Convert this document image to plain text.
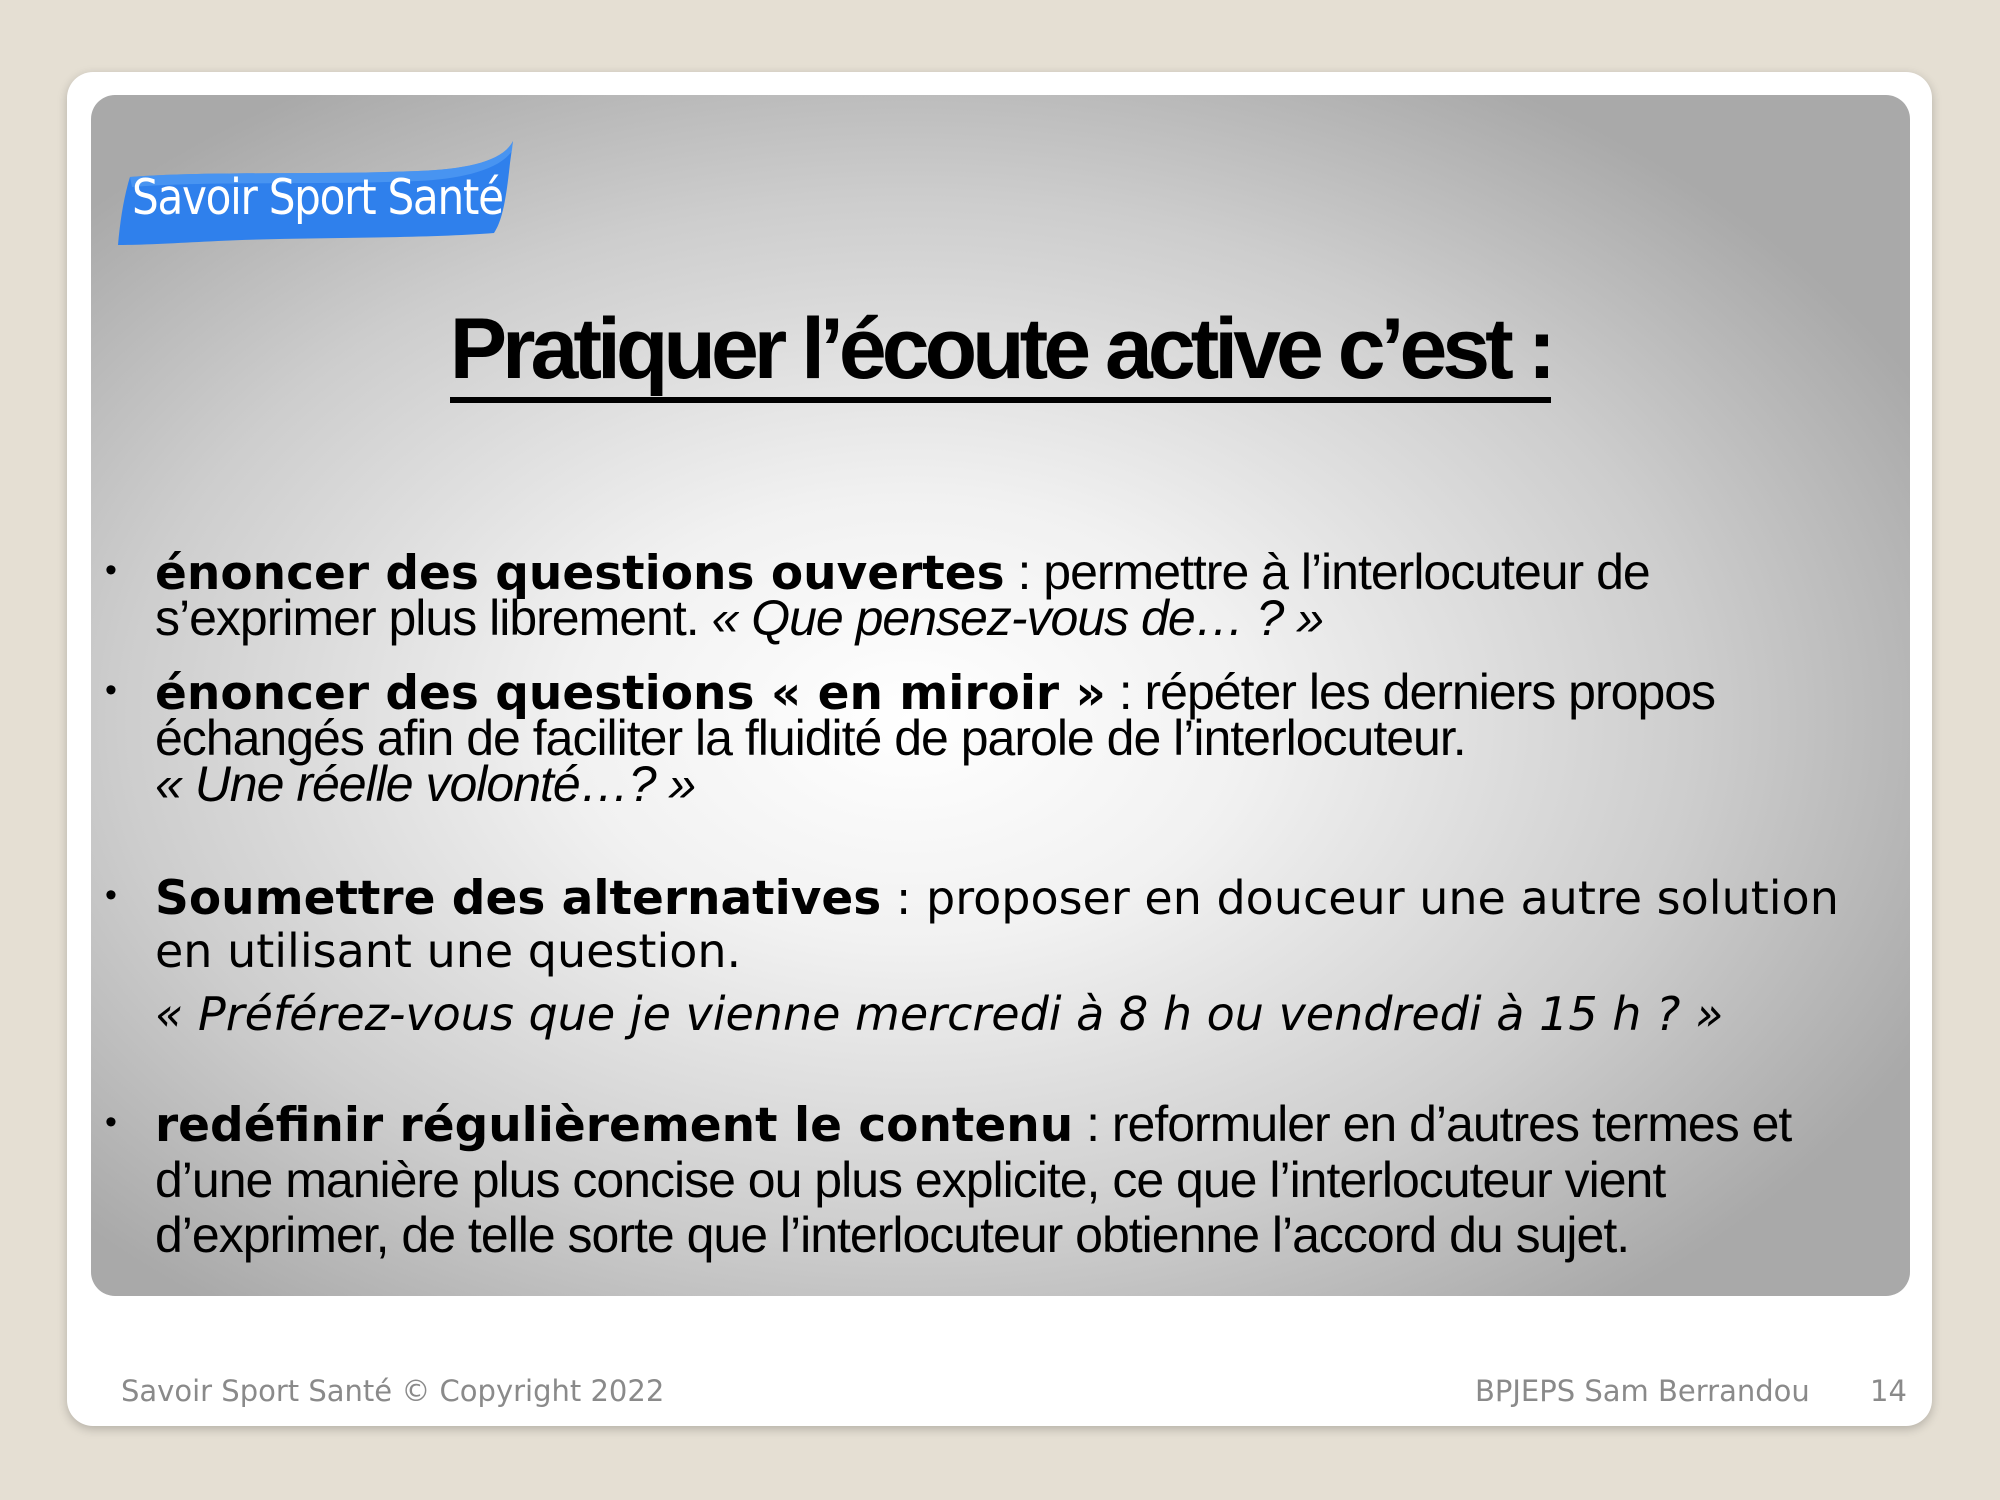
Savoir Sport Santé
Pratiquer l’écoute active c’est :
• énoncer des questions ouvertes : permettre à l’interlocuteur de
s’exprimer plus librement. « Que pensez-vous de… ? »
• énoncer des questions « en miroir » : répéter les derniers propos
échangés afin de faciliter la fluidité de parole de l’interlocuteur.
« Une réelle volonté…? »
• Soumettre des alternatives : proposer en douceur une autre solution
en utilisant une question.
« Préférez-vous que je vienne mercredi à 8 h ou vendredi à 15 h ? »
• redéfinir régulièrement le contenu : reformuler en d’autres termes et
d’une manière plus concise ou plus explicite, ce que l’interlocuteur vient
d’exprimer, de telle sorte que l’interlocuteur obtienne l’accord du sujet.
Savoir Sport Santé © Copyright 2022	BPJEPS Sam Berrandou 14
